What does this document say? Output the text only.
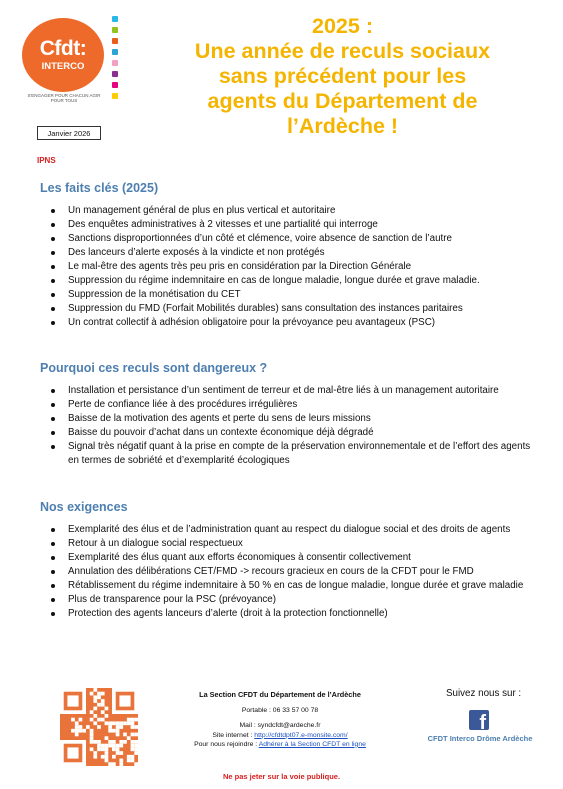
Cfdt:
INTERCO
S'ENGAGER POUR CHACUN AGIR POUR TOUS
Janvier 2026
IPNS
2025 :
Une année de reculs sociaux
sans précédent pour les
agents du Département de
l’Ardèche !
Les faits clés (2025)
Un management général de plus en plus vertical et autoritaire
Des enquêtes administratives à 2 vitesses et une partialité qui interroge
Sanctions disproportionnées d’un côté et clémence, voire absence de sanction de l’autre
Des lanceurs d’alerte exposés à la vindicte et non protégés
Le mal-être des agents très peu pris en considération par la Direction Générale
Suppression du régime indemnitaire en cas de longue maladie, longue durée et grave maladie.
Suppression de la monétisation du CET
Suppression du FMD (Forfait Mobilités durables) sans consultation des instances paritaires
Un contrat collectif à adhésion obligatoire pour la prévoyance peu avantageux (PSC)
Pourquoi ces reculs sont dangereux ?
Installation et persistance d’un sentiment de terreur et de mal-être liés à un management autoritaire
Perte de confiance liée à des procédures irrégulières
Baisse de la motivation des agents et perte du sens de leurs missions
Baisse du pouvoir d’achat dans un contexte économique déjà dégradé
Signal très négatif quant à la prise en compte de la préservation environnementale et de l’effort des agents en termes de sobriété et d’exemplarité écologiques
Nos exigences
Exemplarité des élus et de l’administration quant au respect du dialogue social et des droits de agents
Retour à un dialogue social respectueux
Exemplarité des élus quant aux efforts économiques à consentir collectivement
Annulation des délibérations CET/FMD -> recours gracieux en cours de la CFDT pour le FMD
Rétablissement du régime indemnitaire à 50 % en cas de longue maladie, longue durée et grave maladie
Plus de transparence pour la PSC (prévoyance)
Protection des agents lanceurs d’alerte (droit à la protection fonctionnelle)
La Section CFDT du Département de l’Ardèche
Portable : 06 33 57 00 78
Mail : syndcfdt@ardeche.fr
Site internet : http://cfdtdpt07.e-monsite.com/
Pour nous rejoindre : Adhérer à la Section CFDT en ligne
Suivez nous sur :
f
CFDT Interco Drôme Ardèche
Ne pas jeter sur la voie publique.
